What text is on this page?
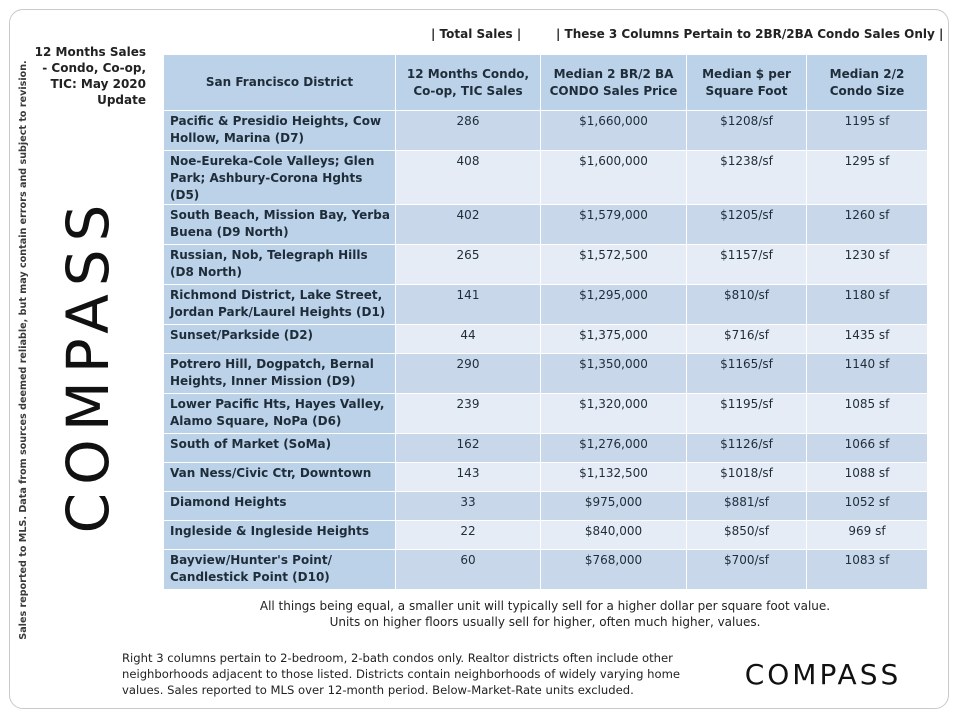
Sales reported to MLS. Data from sources deemed reliable, but may contain errors and subject to revision. COMPASS
12 Months Sales - Condo, Co-op, TIC: May 2020 Update
| Total Sales |	| These 3 Columns Pertain to 2BR/2BA Condo Sales Only |
San Francisco District	12 Months Condo, Co-op, TIC Sales	Median 2 BR/2 BA CONDO Sales Price	Median $ per Square Foot	Median 2/2 Condo Size
Pacific & Presidio Heights, Cow Hollow, Marina (D7)	286	$1,660,000	$1208/sf	1195 sf
Noe-Eureka-Cole Valleys; Glen Park; Ashbury-Corona Hghts (D5)	408	$1,600,000	$1238/sf	1295 sf
South Beach, Mission Bay, Yerba Buena (D9 North)	402	$1,579,000	$1205/sf	1260 sf
Russian, Nob, Telegraph Hills (D8 North)	265	$1,572,500	$1157/sf	1230 sf
Richmond District, Lake Street, Jordan Park/Laurel Heights (D1)	141	$1,295,000	$810/sf	1180 sf
Sunset/Parkside (D2)	44	$1,375,000	$716/sf	1435 sf
Potrero Hill, Dogpatch, Bernal Heights, Inner Mission (D9)	290	$1,350,000	$1165/sf	1140 sf
Lower Pacific Hts, Hayes Valley, Alamo Square, NoPa (D6)	239	$1,320,000	$1195/sf	1085 sf
South of Market (SoMa)	162	$1,276,000	$1126/sf	1066 sf
Van Ness/Civic Ctr, Downtown	143	$1,132,500	$1018/sf	1088 sf
Diamond Heights	33	$975,000	$881/sf	1052 sf
Ingleside & Ingleside Heights	22	$840,000	$850/sf	969 sf
Bayview/Hunter's Point/ Candlestick Point (D10)	60	$768,000	$700/sf	1083 sf
All things being equal, a smaller unit will typically sell for a higher dollar per square foot value.
Units on higher floors usually sell for higher, often much higher, values.
Right 3 columns pertain to 2-bedroom, 2-bath condos only. Realtor districts often include other neighborhoods adjacent to those listed. Districts contain neighborhoods of widely varying home values. Sales reported to MLS over 12-month period. Below-Market-Rate units excluded.	COMPASS
